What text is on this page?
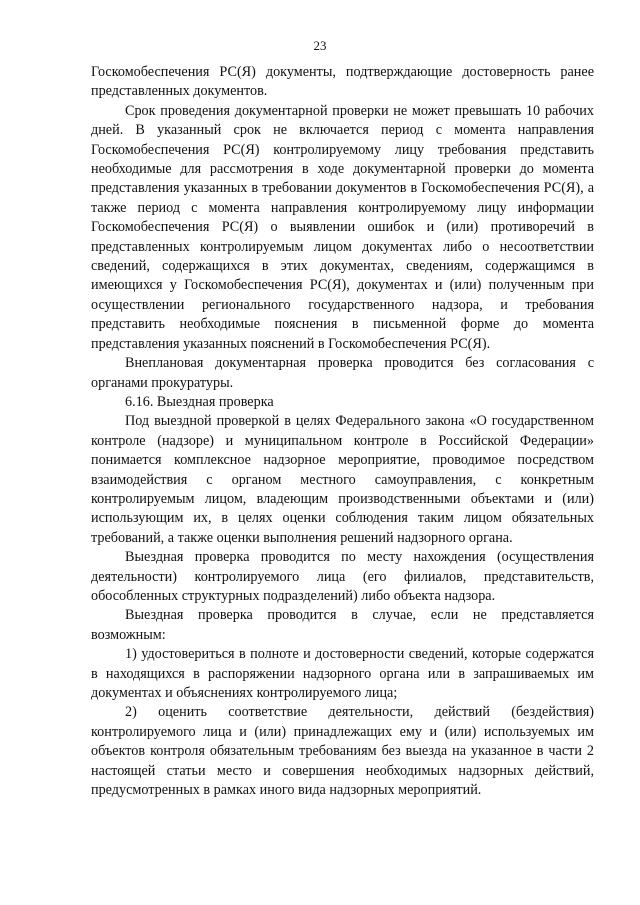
23

Госкомобеспечения РС(Я) документы, подтверждающие достоверность ранее представленных документов.

Срок проведения документарной проверки не может превышать 10 рабочих дней. В указанный срок не включается период с момента направления Госкомобеспечения РС(Я) контролируемому лицу требования представить необходимые для рассмотрения в ходе документарной проверки до момента представления указанных в требовании документов в Госкомобеспечения РС(Я), а также период с момента направления контролируемому лицу информации Госкомобеспечения РС(Я) о выявлении ошибок и (или) противоречий в представленных контролируемым лицом документах либо о несоответствии сведений, содержащихся в этих документах, сведениям, содержащимся в имеющихся у Госкомобеспечения РС(Я), документах и (или) полученным при осуществлении регионального государственного надзора, и требования представить необходимые пояснения в письменной форме до момента представления указанных пояснений в Госкомобеспечения РС(Я).

Внеплановая документарная проверка проводится без согласования с органами прокуратуры.

6.16. Выездная проверка

Под выездной проверкой в целях Федерального закона «О государственном контроле (надзоре) и муниципальном контроле в Российской Федерации» понимается комплексное надзорное мероприятие, проводимое посредством взаимодействия с органом местного самоуправления, с конкретным контролируемым лицом, владеющим производственными объектами и (или) использующим их, в целях оценки соблюдения таким лицом обязательных требований, а также оценки выполнения решений надзорного органа.

Выездная проверка проводится по месту нахождения (осуществления деятельности) контролируемого лица (его филиалов, представительств, обособленных структурных подразделений) либо объекта надзора.

Выездная проверка проводится в случае, если не представляется возможным:

1) удостовериться в полноте и достоверности сведений, которые содержатся в находящихся в распоряжении надзорного органа или в запрашиваемых им документах и объяснениях контролируемого лица;

2) оценить соответствие деятельности, действий (бездействия) контролируемого лица и (или) принадлежащих ему и (или) используемых им объектов контроля обязательным требованиям без выезда на указанное в части 2 настоящей статьи место и совершения необходимых надзорных действий, предусмотренных в рамках иного вида надзорных мероприятий.
